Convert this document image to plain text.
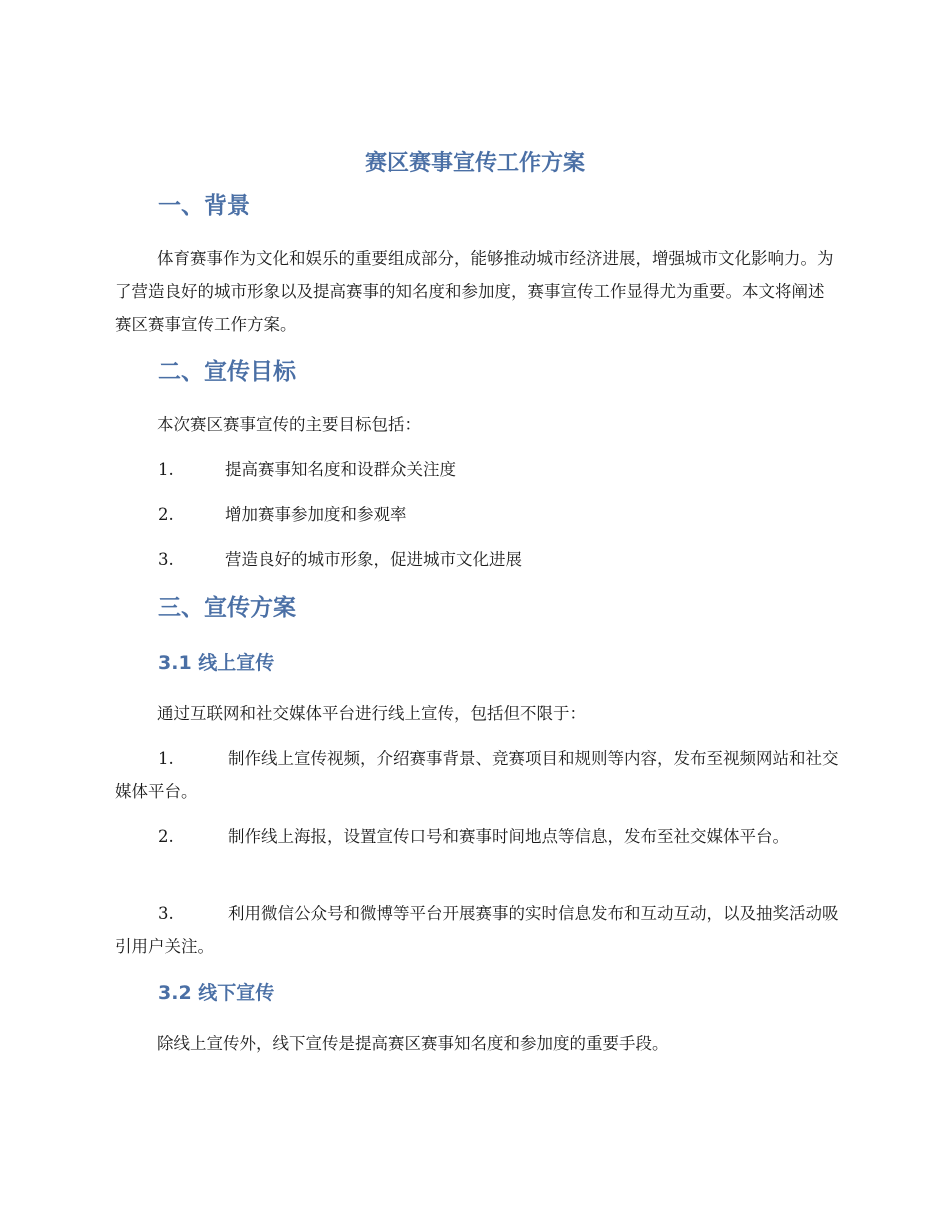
赛区赛事宣传工作方案
一、背景

体育赛事作为文化和娱乐的重要组成部分，能够推动城市经济进展，增强城市文化影响力。为了营造良好的城市形象以及提高赛事的知名度和参加度，赛事宣传工作显得尤为重要。本文将阐述赛区赛事宣传工作方案。

二、宣传目标

本次赛区赛事宣传的主要目标包括：

1.	提高赛事知名度和设群众关注度
2.	增加赛事参加度和参观率
3.	营造良好的城市形象，促进城市文化进展
三、宣传方案
3.1 线上宣传

通过互联网和社交媒体平台进行线上宣传，包括但不限于：

1.	制作线上宣传视频，介绍赛事背景、竞赛项目和规则等内容，发布至视频网站和社交媒体平台。
2.	制作线上海报，设置宣传口号和赛事时间地点等信息，发布至社交媒体平台。
3.	利用微信公众号和微博等平台开展赛事的实时信息发布和互动互动，以及抽奖活动吸引用户关注。
3.2 线下宣传

除线上宣传外，线下宣传是提高赛区赛事知名度和参加度的重要手段。
